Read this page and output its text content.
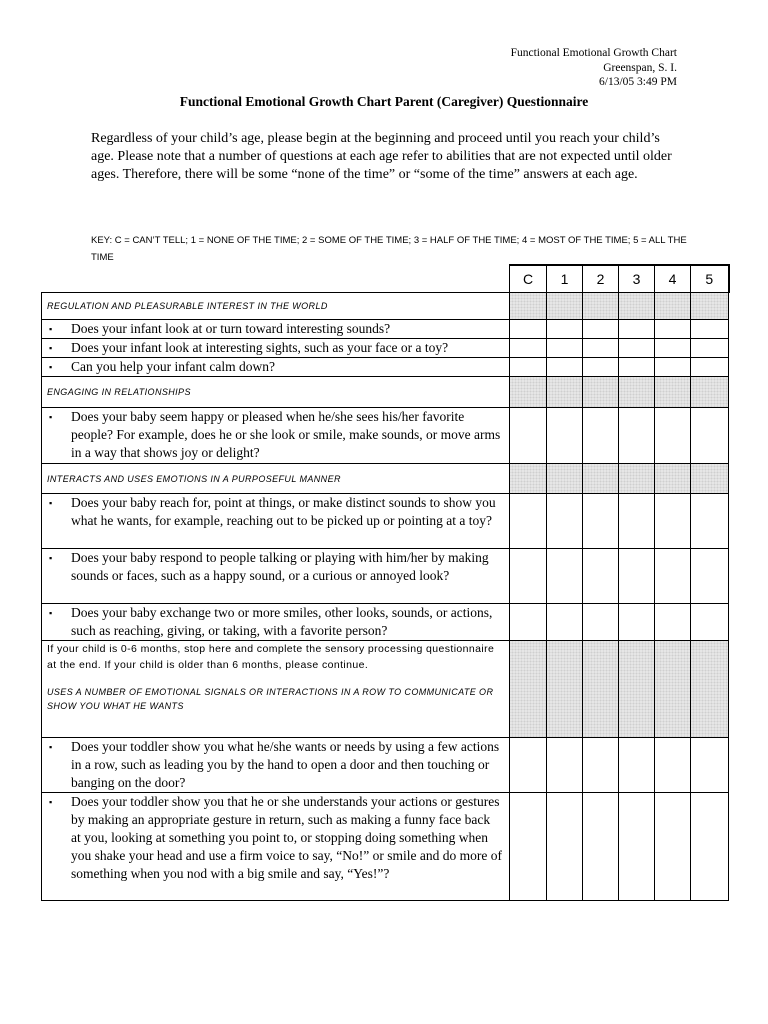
Functional Emotional Growth Chart
Greenspan, S. I.
6/13/05 3:49 PM
Functional Emotional Growth Chart Parent (Caregiver) Questionnaire
Regardless of your child’s age, please begin at the beginning and proceed until you reach your child’s age. Please note that a number of questions at each age refer to abilities that are not expected until older ages. Therefore, there will be some “none of the time” or “some of the time” answers at each age.
KEY: C = CAN’T TELL; 1 = NONE OF THE TIME; 2 = SOME OF THE TIME; 3 = HALF OF THE TIME; 4 = MOST OF THE TIME; 5 = ALL THE TIME
	C	1	2	3	4	5
REGULATION AND PLEASURABLE INTEREST IN THE WORLD						

▪ Does your infant look at or turn toward interesting sounds?						

▪ Does your infant look at interesting sights, such as your face or a toy?						

▪ Can you help your infant calm down?						
ENGAGING IN RELATIONSHIPS						

▪ Does your baby seem happy or pleased when he/she sees his/her favorite people? For example, does he or she look or smile, make sounds, or move arms in a way that shows joy or delight?						
INTERACTS AND USES EMOTIONS IN A PURPOSEFUL MANNER						

▪ Does your baby reach for, point at things, or make distinct sounds to show you what he wants, for example, reaching out to be picked up or pointing at a toy?						

▪ Does your baby respond to people talking or playing with him/her by making sounds or faces, such as a happy sound, or a curious or annoyed look?						

▪ Does your baby exchange two or more smiles, other looks, sounds, or actions, such as reaching, giving, or taking, with a favorite person?						
If your child is 0-6 months, stop here and complete the sensory processing questionnaire at the end. If your child is older than 6 months, please continue.
USES A NUMBER OF EMOTIONAL SIGNALS OR INTERACTIONS IN A ROW TO COMMUNICATE OR SHOW YOU WHAT HE WANTS						

▪ Does your toddler show you what he/she wants or needs by using a few actions in a row, such as leading you by the hand to open a door and then touching or banging on the door?						

▪ Does your toddler show you that he or she understands your actions or gestures by making an appropriate gesture in return, such as making a funny face back at you, looking at something you point to, or stopping doing something when you shake your head and use a firm voice to say, “No!” or smile and do more of something when you nod with a big smile and say, “Yes!”?						
